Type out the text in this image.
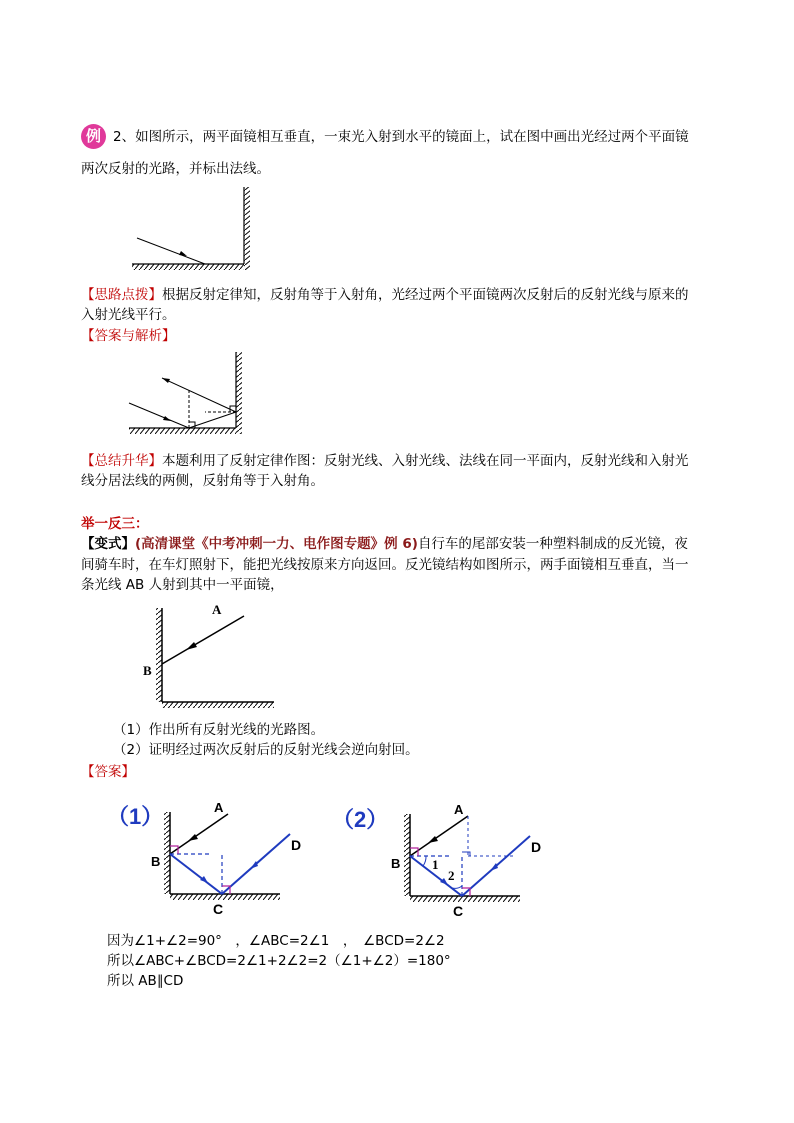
例 2、如图所示，两平面镜相互垂直，一束光入射到水平的镜面上，试在图中画出光经过两个平面镜
两次反射的光路，并标出法线。
【思路点拨】根据反射定律知，反射角等于入射角，光经过两个平面镜两次反射后的反射光线与原来的
入射光线平行。
【答案与解析】
【总结升华】本题利用了反射定律作图：反射光线、入射光线、法线在同一平面内，反射光线和入射光
线分居法线的两侧，反射角等于入射角。
举一反三：
【变式】(高清课堂《中考冲刺一力、电作图专题》例 6)自行车的尾部安装一种塑料制成的反光镜，夜
间骑车时，在车灯照射下，能把光线按原来方向返回。反光镜结构如图所示，两手面镜相互垂直，当一
条光线 AB 人射到其中一平面镜，
A
B
（1）作出所有反射光线的光路图。
（2）证明经过两次反射后的反射光线会逆向射回。
【答案】
（1）	（2）
A
B
C
D
1
2
A
B
C
D
因为∠1+∠2=90°　，∠ABC=2∠1　，　∠BCD=2∠2
所以∠ABC+∠BCD=2∠1+2∠2=2（∠1+∠2）=180°
所以 AB∥CD
